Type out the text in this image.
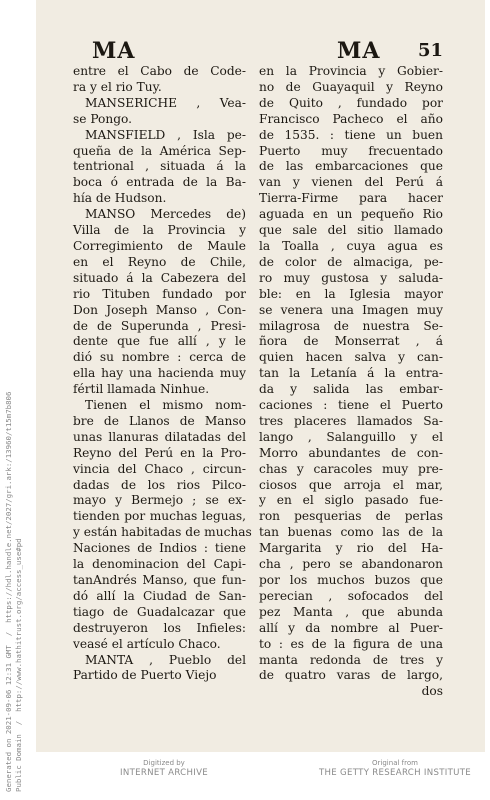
MA	MA 51
entre el Cabo de Code-
ra y el rio Tuy.
MANSERICHE , Vea-
se Pongo.
MANSFIELD , Isla pe-
queña de la América Sep-
tentrional , situada á la
boca ó entrada de la Ba-
hía de Hudson.
MANSO Mercedes de)
Villa de la Provincia y
Corregimiento de Maule
en el Reyno de Chile,
situado á la Cabezera del
rio Tituben fundado por
Don Joseph Manso , Con-
de de Superunda , Presi-
dente que fue allí , y le
dió su nombre : cerca de
ella hay una hacienda muy
fértil llamada Ninhue.
Tienen el mismo nom-
bre de Llanos de Manso
unas llanuras dilatadas del
Reyno del Perú en la Pro-
vincia del Chaco , circun-
dadas de los rios Pilco-
mayo y Bermejo ; se ex-
tienden por muchas leguas,
y están habitadas de muchas
Naciones de Indios : tiene
la denominacion del Capi-
tanAndrés Manso, que fun-
dó allí la Ciudad de San-
tiago de Guadalcazar que
destruyeron los Infieles:
veasé el artículo Chaco.
MANTA , Pueblo del
Partido de Puerto Viejo
en la Provincia y Gobier-
no de Guayaquil y Reyno
de Quito , fundado por
Francisco Pacheco el año
de 1535. : tiene un buen
Puerto muy frecuentado
de las embarcaciones que
van y vienen del Perú á
Tierra-Firme para hacer
aguada en un pequeño Rio
que sale del sitio llamado
la Toalla , cuya agua es
de color de almaciga, pe-
ro muy gustosa y saluda-
ble: en la Iglesia mayor
se venera una Imagen muy
milagrosa de nuestra Se-
ñora de Monserrat , á
quien hacen salva y can-
tan la Letanía á la entra-
da y salida las embar-
caciones : tiene el Puerto
tres placeres llamados Sa-
lango , Salanguillo y el
Morro abundantes de con-
chas y caracoles muy pre-
ciosos que arroja el mar,
y en el siglo pasado fue-
ron pesquerias de perlas
tan buenas como las de la
Margarita y rio del Ha-
cha , pero se abandonaron
por los muchos buzos que
perecian , sofocados del
pez Manta , que abunda
allí y da nombre al Puer-
to : es de la figura de una
manta redonda de tres y
de quatro varas de largo,
dos
Generated on 2021-09-06 12:31 GMT  /  https://hdl.handle.net/2027/gri.ark:/13960/t15m7b806
Public Domain  /  http://www.hathitrust.org/access_use#pd
Digitized by
INTERNET ARCHIVE
Original from
THE GETTY RESEARCH INSTITUTE
